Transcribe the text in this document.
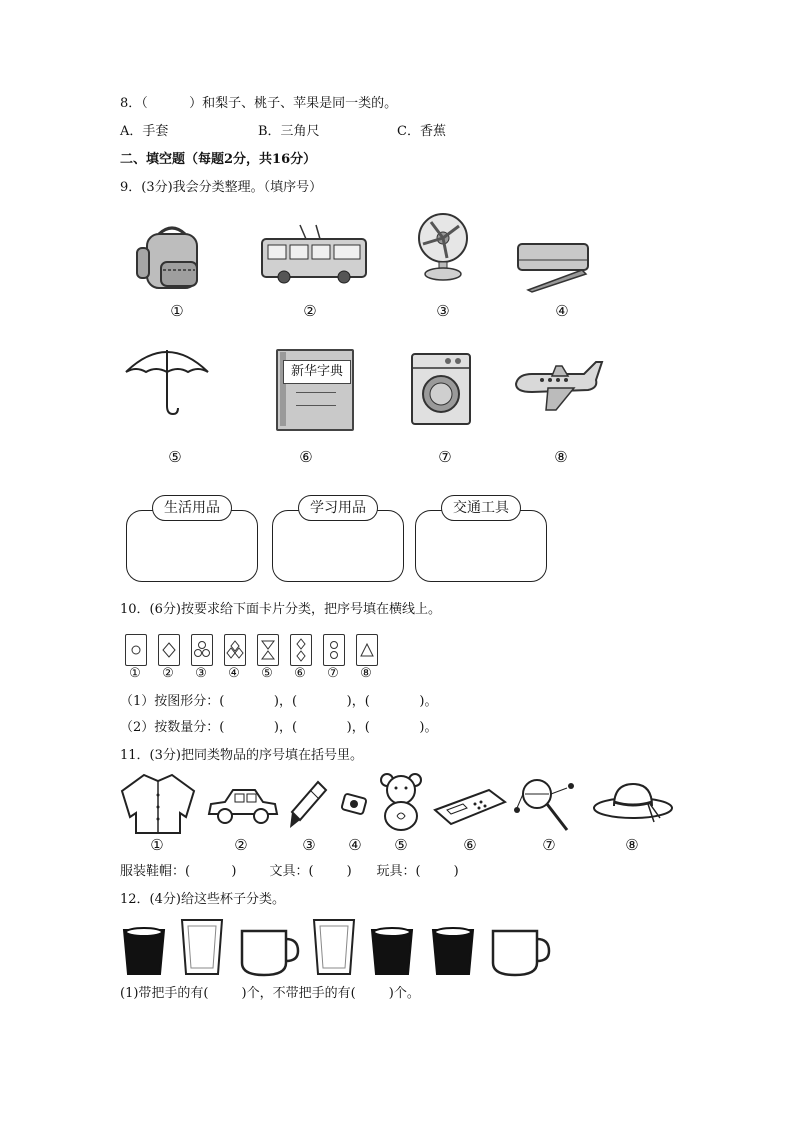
8．（          ）和梨子、桃子、苹果是同一类的。
A．手套	B．三角尺	C．香蕉
二、填空题（每题2分，共16分）
9．(3分)我会分类整理。（填序号）
①	②	③	④
新华字典
⑤	⑥	⑦	⑧
生活用品	学习用品	交通工具
10．(6分)按要求给下面卡片分类，把序号填在横线上。
①	②	③	④	⑤	⑥	⑦	⑧
（1）按图形分：(            )，(            )，(            )。
（2）按数量分：(            )，(            )，(            )。
11．(3分)把同类物品的序号填在括号里。
①	②	③	④	⑤	⑥	⑦	⑧
服装鞋帽：(          )        文具：(        )      玩具：(        )
12．(4分)给这些杯子分类。
(1)带把手的有(        )个，不带把手的有(        )个。
